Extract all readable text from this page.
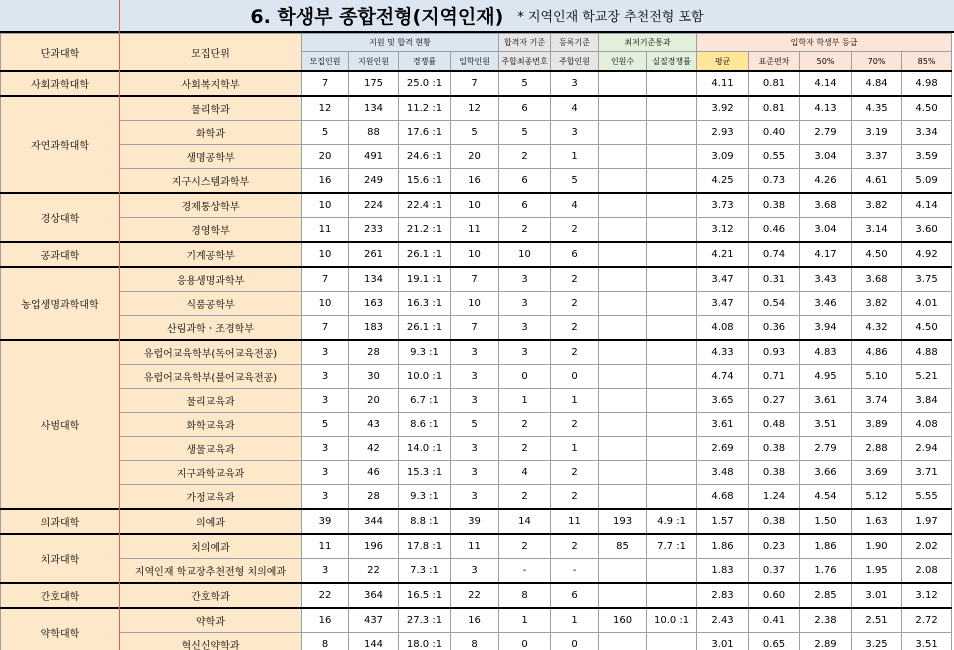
6. 학생부 종합전형(지역인재) * 지역인재 학교장 추천전형 포함
단과대학	모집단위	지원 및 합격 현황				합격자 기준	등록기준	최저기준통과		입학자 학생부 등급				
		모집인원	지원인원	경쟁률	입학인원	주합최종번호	주합인원	인원수	실질경쟁률	평균	표준편차	50%	70%	85%
사회과학대학	사회복지학부	7	175	25.0 :1	7	5	3			4.11	0.81	4.14	4.84	4.98
자연과학대학	물리학과	12	134	11.2 :1	12	6	4			3.92	0.81	4.13	4.35	4.50
	화학과	5	88	17.6 :1	5	5	3			2.93	0.40	2.79	3.19	3.34
	생명공학부	20	491	24.6 :1	20	2	1			3.09	0.55	3.04	3.37	3.59
	지구시스템과학부	16	249	15.6 :1	16	6	5			4.25	0.73	4.26	4.61	5.09
경상대학	경제통상학부	10	224	22.4 :1	10	6	4			3.73	0.38	3.68	3.82	4.14
	경영학부	11	233	21.2 :1	11	2	2			3.12	0.46	3.04	3.14	3.60
공과대학	기계공학부	10	261	26.1 :1	10	10	6			4.21	0.74	4.17	4.50	4.92
농업생명과학대학	응용생명과학부	7	134	19.1 :1	7	3	2			3.47	0.31	3.43	3.68	3.75
	식품공학부	10	163	16.3 :1	10	3	2			3.47	0.54	3.46	3.82	4.01
	산림과학ㆍ조경학부	7	183	26.1 :1	7	3	2			4.08	0.36	3.94	4.32	4.50
사범대학	유럽어교육학부(독어교육전공)	3	28	9.3 :1	3	3	2			4.33	0.93	4.83	4.86	4.88
	유럽어교육학부(불어교육전공)	3	30	10.0 :1	3	0	0			4.74	0.71	4.95	5.10	5.21
	물리교육과	3	20	6.7 :1	3	1	1			3.65	0.27	3.61	3.74	3.84
	화학교육과	5	43	8.6 :1	5	2	2			3.61	0.48	3.51	3.89	4.08
	생물교육과	3	42	14.0 :1	3	2	1			2.69	0.38	2.79	2.88	2.94
	지구과학교육과	3	46	15.3 :1	3	4	2			3.48	0.38	3.66	3.69	3.71
	가정교육과	3	28	9.3 :1	3	2	2			4.68	1.24	4.54	5.12	5.55
의과대학	의예과	39	344	8.8 :1	39	14	11	193	4.9 :1	1.57	0.38	1.50	1.63	1.97
치과대학	치의예과	11	196	17.8 :1	11	2	2	85	7.7 :1	1.86	0.23	1.86	1.90	2.02
	지역인재 학교장추천전형 치의예과	3	22	7.3 :1	3	-	-			1.83	0.37	1.76	1.95	2.08
간호대학	간호학과	22	364	16.5 :1	22	8	6			2.83	0.60	2.85	3.01	3.12
약학대학	약학과	16	437	27.3 :1	16	1	1	160	10.0 :1	2.43	0.41	2.38	2.51	2.72
	혁신신약학과	8	144	18.0 :1	8	0	0			3.01	0.65	2.89	3.25	3.51
